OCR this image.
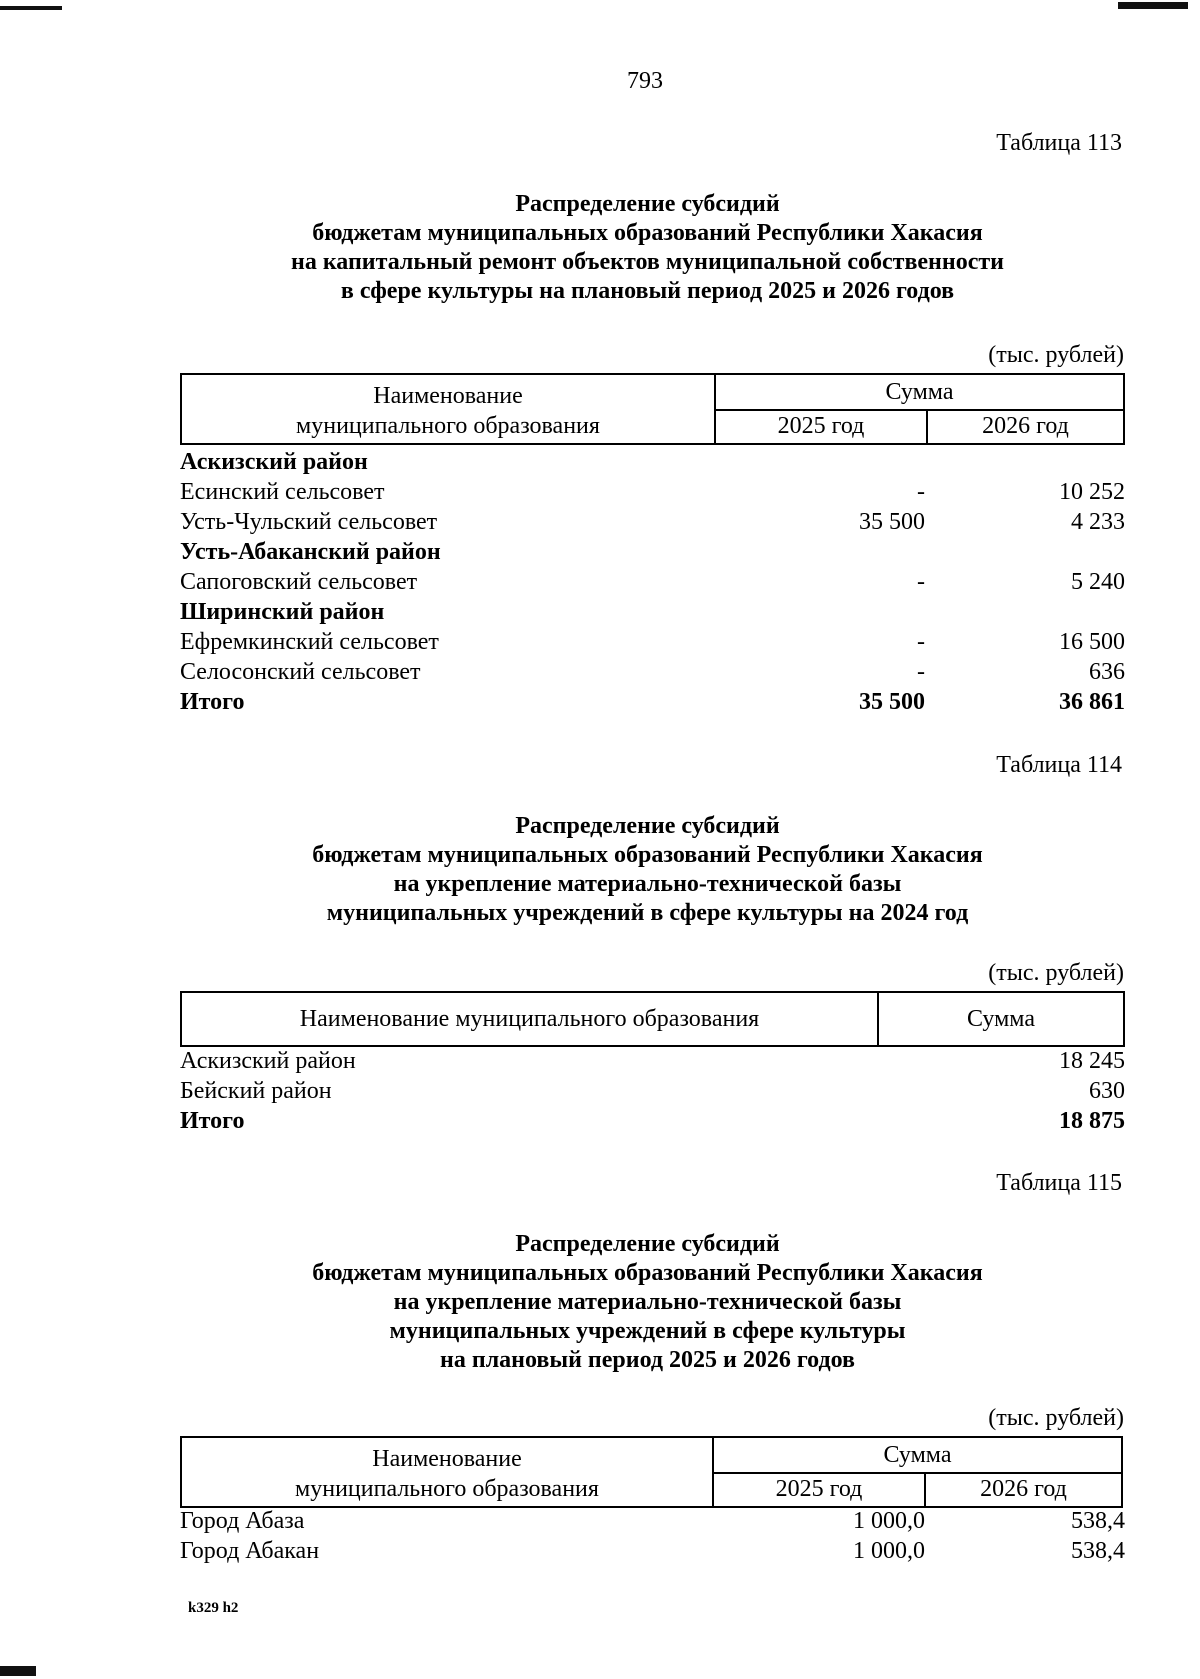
793
Таблица 113
Распределение субсидий
бюджетам муниципальных образований Республики Хакасия
на капитальный ремонт объектов муниципальной собственности
в сфере культуры на плановый период 2025 и 2026 годов
(тыс. рублей)
Наименование
муниципального образования
Сумма
2025 год	2026 год
Аскизский район
Есинский сельсовет	-	10 252
Усть-Чульский сельсовет	35 500	4 233
Усть-Абаканский район
Сапоговский сельсовет	-	5 240
Ширинский район
Ефремкинский сельсовет	-	16 500
Селосонский сельсовет	-	636
Итого	35 500	36 861
Таблица 114
Распределение субсидий
бюджетам муниципальных образований Республики Хакасия
на укрепление материально-технической базы
муниципальных учреждений в сфере культуры на 2024 год
(тыс. рублей)
Наименование муниципального образования	Сумма
Аскизский район	18 245
Бейский район	630
Итого	18 875
Таблица 115
Распределение субсидий
бюджетам муниципальных образований Республики Хакасия
на укрепление материально-технической базы
муниципальных учреждений в сфере культуры
на плановый период 2025 и 2026 годов
(тыс. рублей)
Наименование
муниципального образования
Сумма
2025 год	2026 год
Город Абаза	1 000,0	538,4
Город Абакан	1 000,0	538,4
k329 h2
